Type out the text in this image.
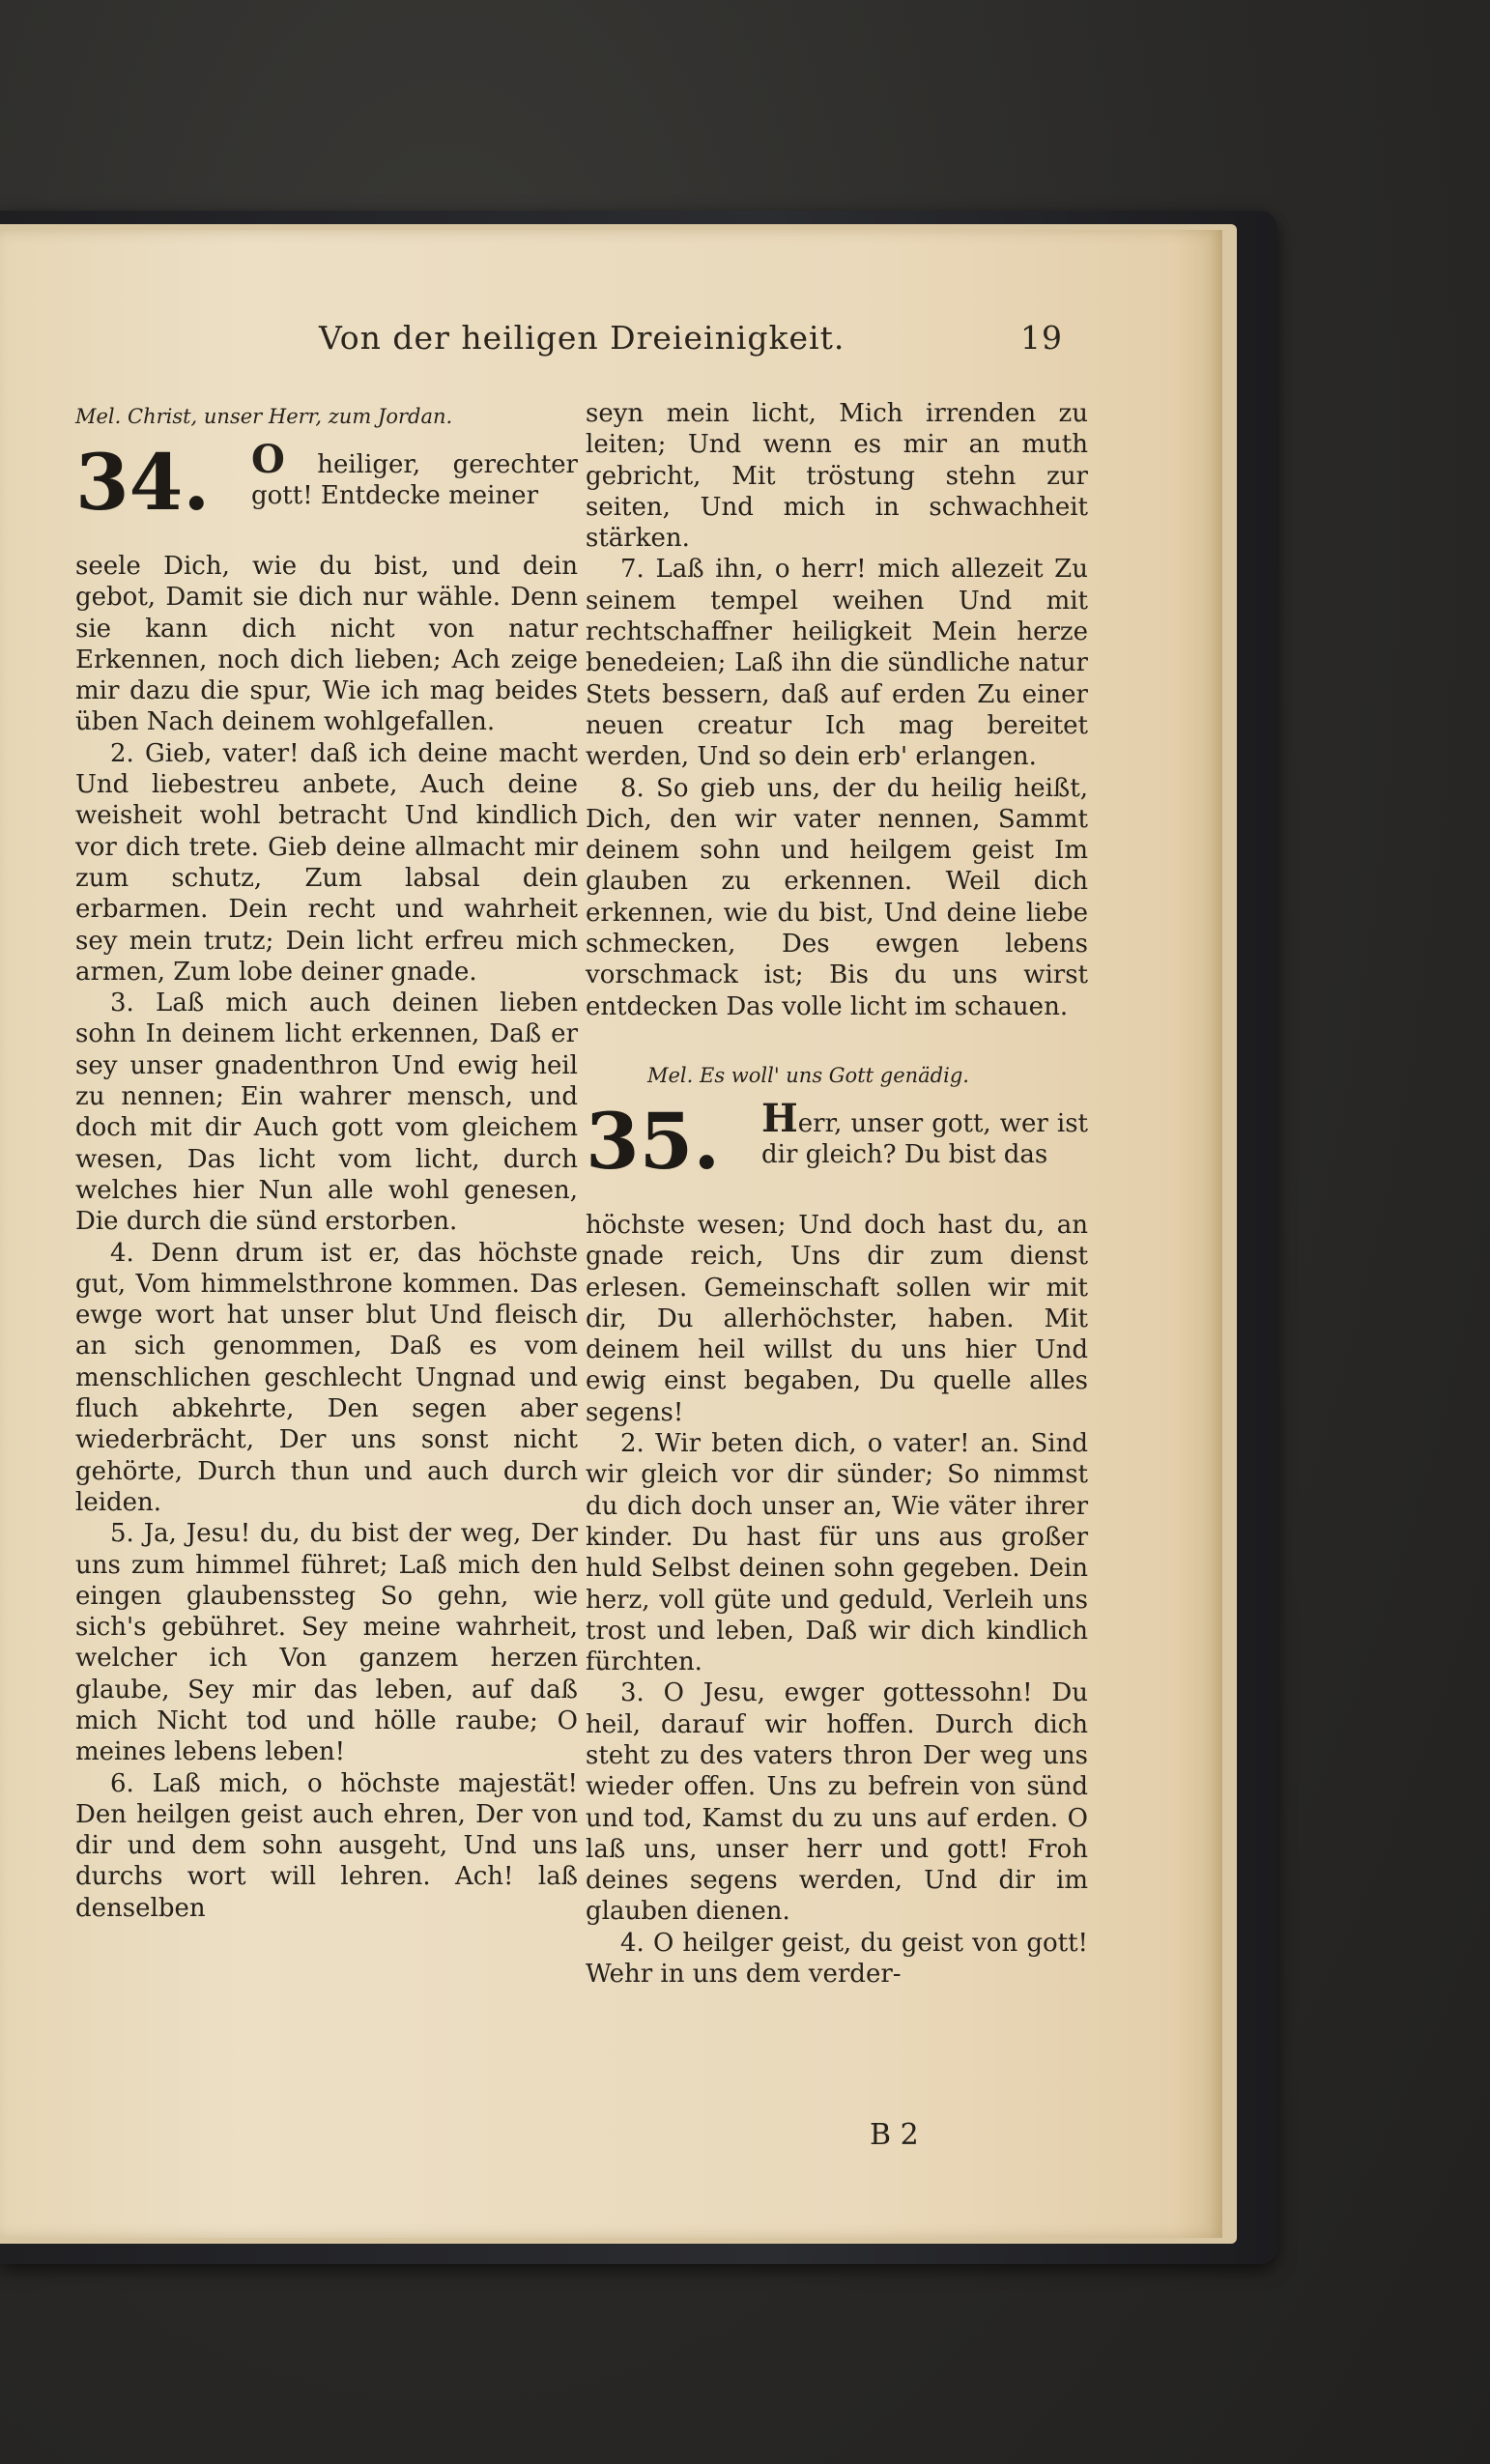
Von der heiligen Dreieinigkeit.	19
Mel. Christ, unser Herr, zum Jordan.
34. O heiliger, gerechter gott! Entdecke meiner

seele Dich, wie du bist, und dein gebot, Damit sie dich nur wähle. Denn sie kann dich nicht von natur Erkennen, noch dich lieben; Ach zeige mir dazu die spur, Wie ich mag beides üben Nach deinem wohlgefallen.

2. Gieb, vater! daß ich deine macht Und liebestreu anbete, Auch deine weisheit wohl betracht Und kindlich vor dich trete. Gieb deine allmacht mir zum schutz, Zum labsal dein erbarmen. Dein recht und wahrheit sey mein trutz; Dein licht erfreu mich armen, Zum lobe deiner gnade.

3. Laß mich auch deinen lieben sohn In deinem licht erkennen, Daß er sey unser gnadenthron Und ewig heil zu nennen; Ein wahrer mensch, und doch mit dir Auch gott vom gleichem wesen, Das licht vom licht, durch welches hier Nun alle wohl genesen, Die durch die sünd erstorben.

4. Denn drum ist er, das höchste gut, Vom himmelsthrone kommen. Das ewge wort hat unser blut Und fleisch an sich genommen, Daß es vom menschlichen geschlecht Ungnad und fluch abkehrte, Den segen aber wiederbrächt, Der uns sonst nicht gehörte, Durch thun und auch durch leiden.

5. Ja, Jesu! du, du bist der weg, Der uns zum himmel führet; Laß mich den eingen glaubenssteg So gehn, wie sich's gebühret. Sey meine wahrheit, welcher ich Von ganzem herzen glaube, Sey mir das leben, auf daß mich Nicht tod und hölle raube; O meines lebens leben!

6. Laß mich, o höchste majestät! Den heilgen geist auch ehren, Der von dir und dem sohn ausgeht, Und uns durchs wort will lehren. Ach! laß denselben

seyn mein licht, Mich irrenden zu leiten; Und wenn es mir an muth gebricht, Mit tröstung stehn zur seiten, Und mich in schwachheit stärken.

7. Laß ihn, o herr! mich allezeit Zu seinem tempel weihen Und mit rechtschaffner heiligkeit Mein herze benedeien; Laß ihn die sündliche natur Stets bessern, daß auf erden Zu einer neuen creatur Ich mag bereitet werden, Und so dein erb' erlangen.

8. So gieb uns, der du heilig heißt, Dich, den wir vater nennen, Sammt deinem sohn und heilgem geist Im glauben zu erkennen. Weil dich erkennen, wie du bist, Und deine liebe schmecken, Des ewgen lebens vorschmack ist; Bis du uns wirst entdecken Das volle licht im schauen.

Mel. Es woll' uns Gott genädig.
35. Herr, unser gott, wer ist dir gleich? Du bist das

höchste wesen; Und doch hast du, an gnade reich, Uns dir zum dienst erlesen. Gemeinschaft sollen wir mit dir, Du allerhöchster, haben. Mit deinem heil willst du uns hier Und ewig einst begaben, Du quelle alles segens!

2. Wir beten dich, o vater! an. Sind wir gleich vor dir sünder; So nimmst du dich doch unser an, Wie väter ihrer kinder. Du hast für uns aus großer huld Selbst deinen sohn gegeben. Dein herz, voll güte und geduld, Verleih uns trost und leben, Daß wir dich kindlich fürchten.

3. O Jesu, ewger gottessohn! Du heil, darauf wir hoffen. Durch dich steht zu des vaters thron Der weg uns wieder offen. Uns zu befrein von sünd und tod, Kamst du zu uns auf erden. O laß uns, unser herr und gott! Froh deines segens werden, Und dir im glauben dienen.

4. O heilger geist, du geist von gott! Wehr in uns dem verder-

B 2
